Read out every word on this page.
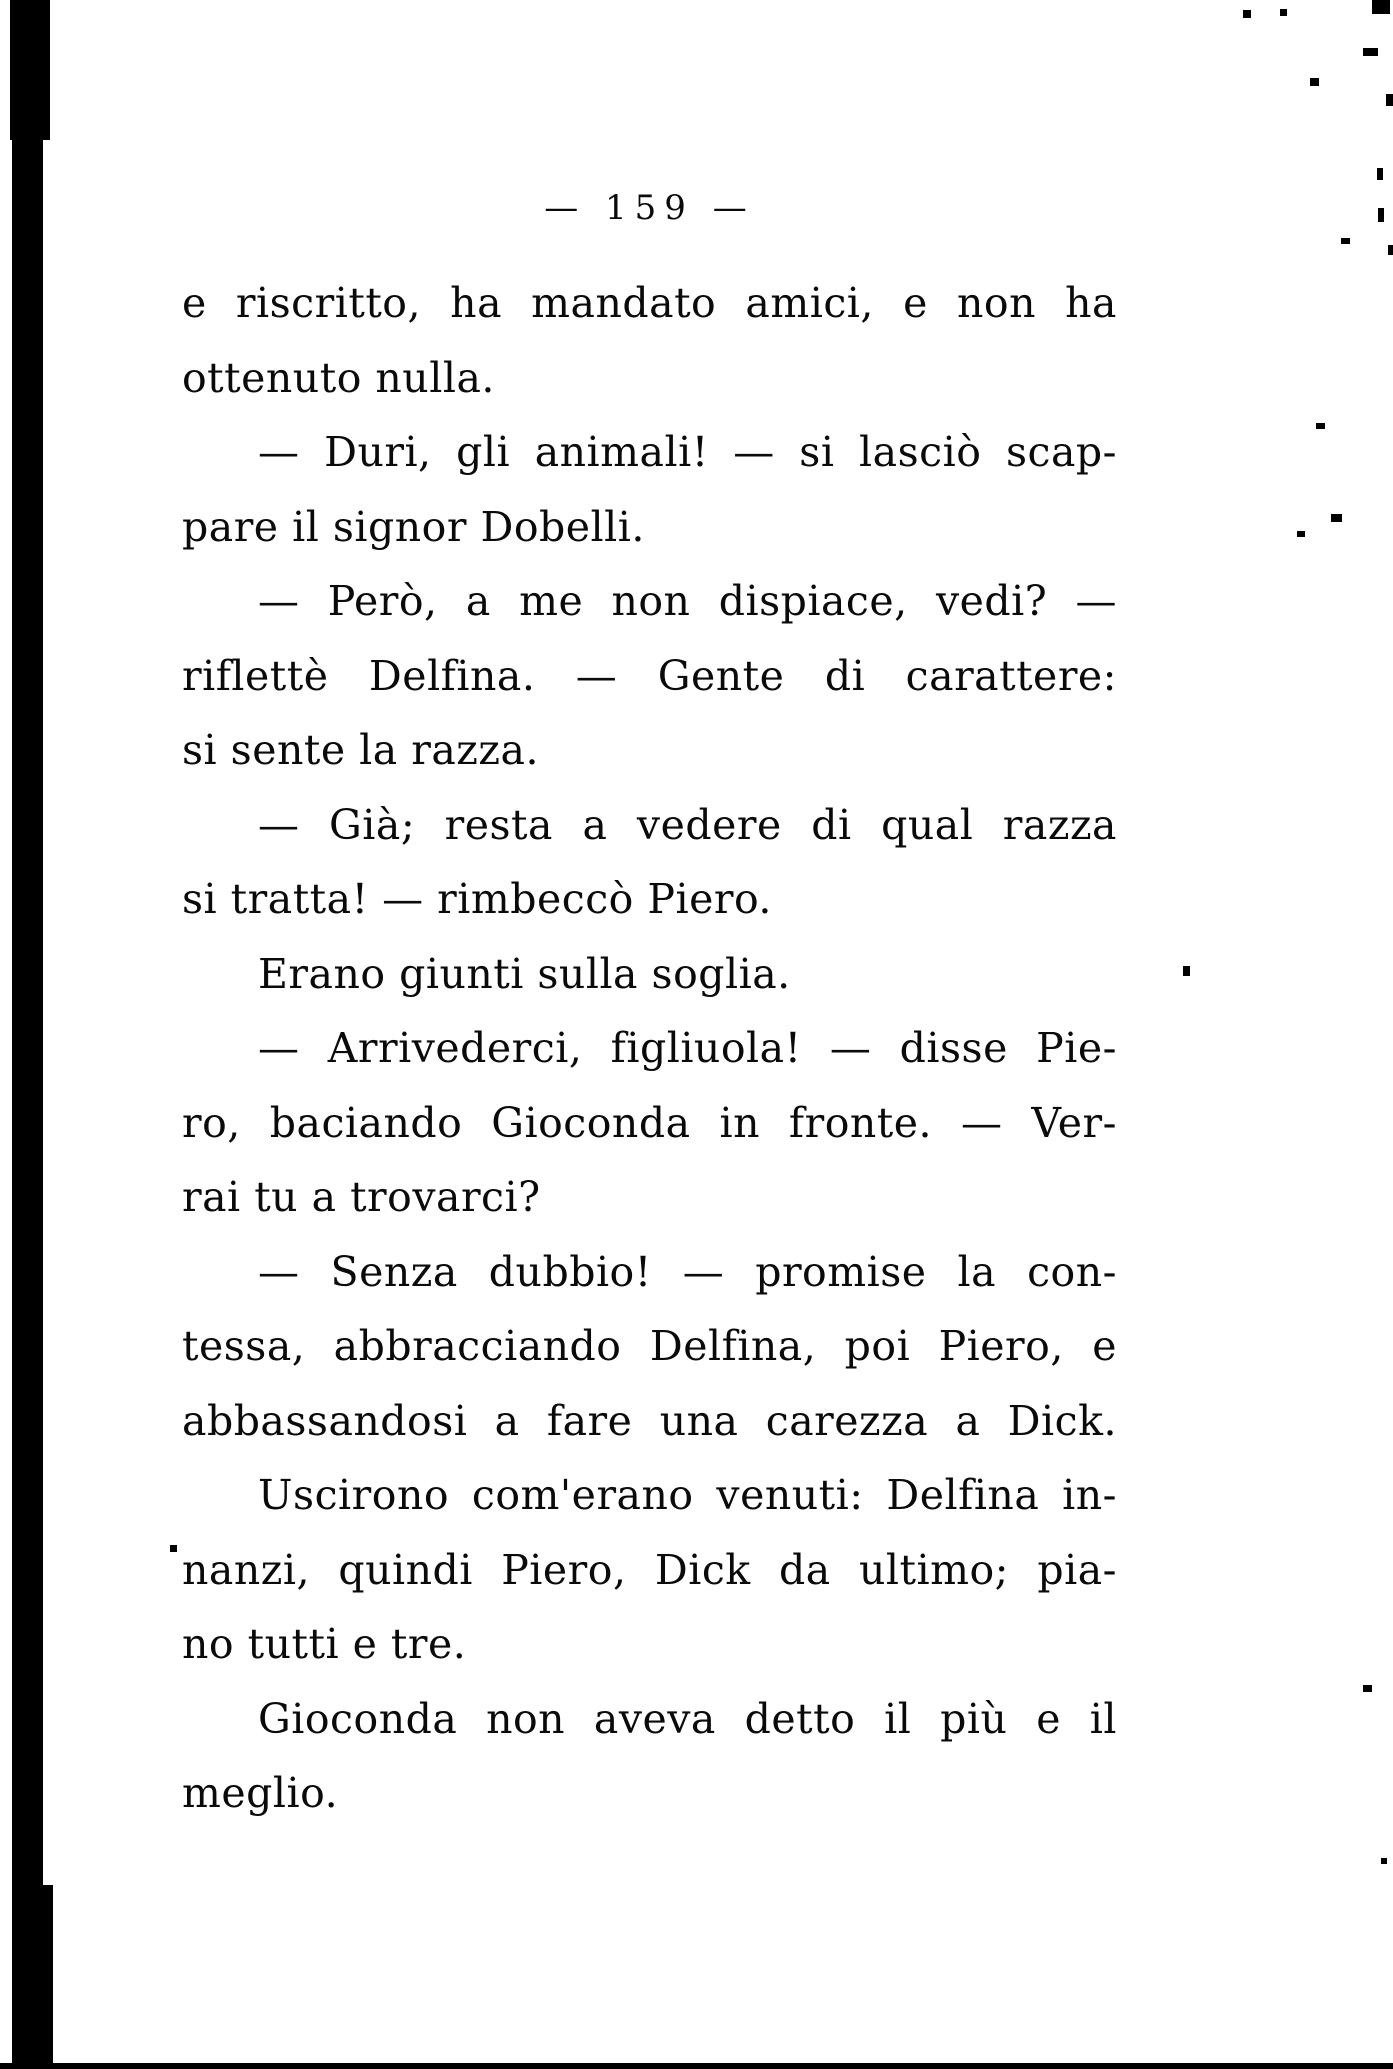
— 159 —
e riscritto, ha mandato amici, e non ha
ottenuto nulla.
— Duri, gli animali! — si lasciò scap-
pare il signor Dobelli.
— Però, a me non dispiace, vedi? —
riflettè Delfina. — Gente di carattere:
si sente la razza.
— Già; resta a vedere di qual razza
si tratta! — rimbeccò Piero.
Erano giunti sulla soglia.
— Arrivederci, figliuola! — disse Pie-
ro, baciando Gioconda in fronte. — Ver-
rai tu a trovarci?
— Senza dubbio! — promise la con-
tessa, abbracciando Delfina, poi Piero, e
abbassandosi a fare una carezza a Dick.
Uscirono com'erano venuti: Delfina in-
nanzi, quindi Piero, Dick da ultimo; pia-
no tutti e tre.
Gioconda non aveva detto il più e il
meglio.
